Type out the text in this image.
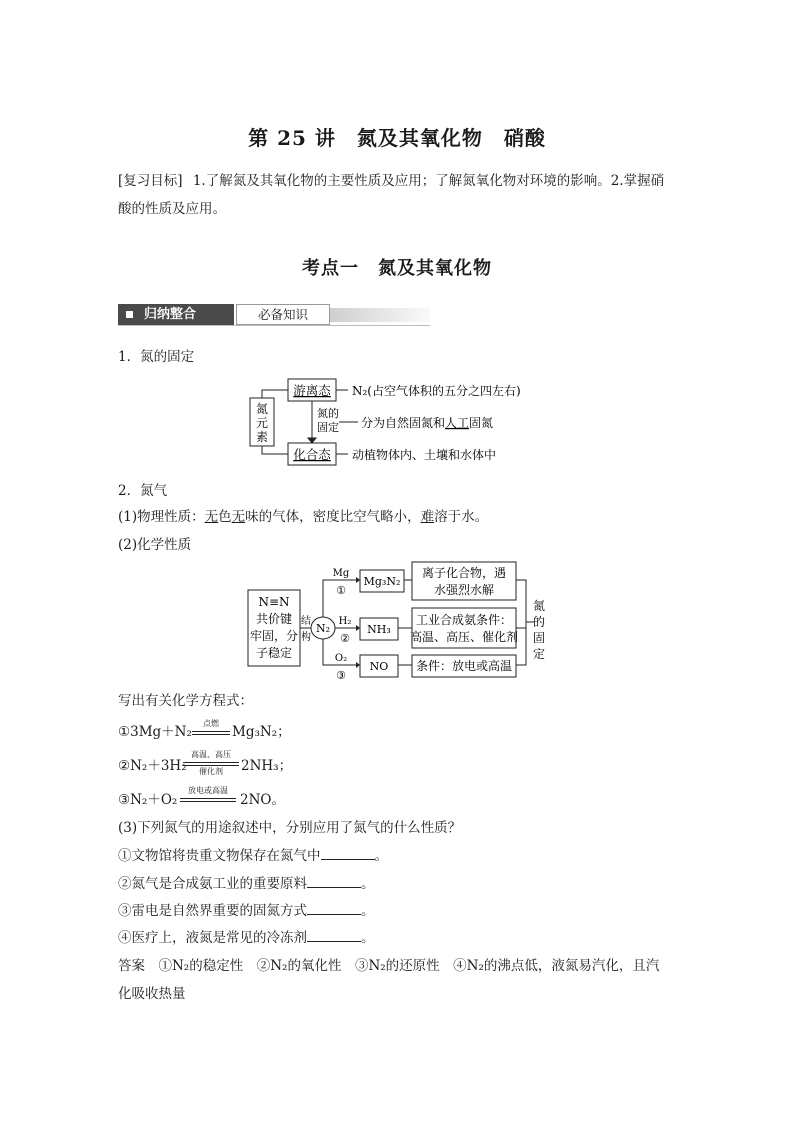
第 25 讲　氮及其氧化物　硝酸
[复习目标] 1.了解氮及其氧化物的主要性质及应用；了解氮氧化物对环境的影响。2.掌握硝
酸的性质及应用。
考点一　氮及其氧化物
归纳整合	必备知识
1．氮的固定
氮
元
素
游离态
化合态
氮的
固定
N₂(占空气体积的五分之四左右)
分为自然固氮和人工固氮
动植物体内、土壤和水体中
2．氮气
(1)物理性质：无色无味的气体，密度比空气略小，难溶于水。
(2)化学性质
N≡N
共价键
牢固，分
子稳定
结
构
N₂
Mg
①
H₂
②
O₂
③
Mg₃N₂
NH₃
NO
离子化合物，遇
水强烈水解
工业合成氨条件：
高温、高压、催化剂
条件：放电或高温
氮
的
固
定
写出有关化学方程式：
①3Mg＋N₂
点燃
Mg₃N₂；
②N₂＋3H₂
高温、高压
催化剂	2NH₃；
③N₂＋O₂
放电或高温
2NO。
(3)下列氮气的用途叙述中，分别应用了氮气的什么性质？
①文物馆将贵重文物保存在氮气中	。
②氮气是合成氨工业的重要原料	。
③雷电是自然界重要的固氮方式	。
④医疗上，液氮是常见的冷冻剂	。
答案　①N₂的稳定性　②N₂的氧化性　③N₂的还原性　④N₂的沸点低，液氮易汽化，且汽
化吸收热量
